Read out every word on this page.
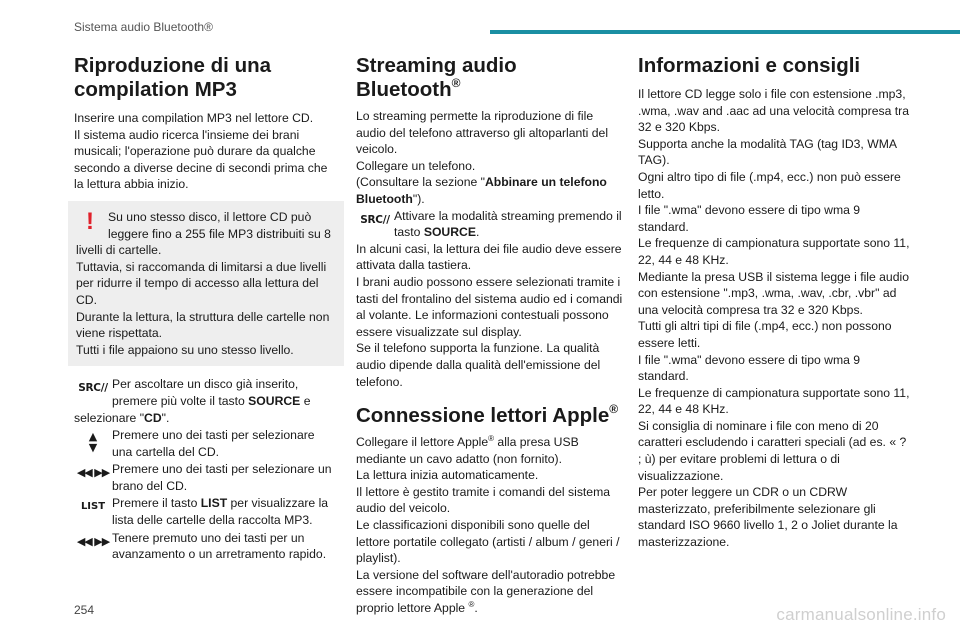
Sistema audio Bluetooth®
Riproduzione di una compilation MP3

Inserire una compilation MP3 nel lettore CD.

Il sistema audio ricerca l'insieme dei brani musicali; l'operazione può durare da qualche secondo a diverse decine di secondi prima che la lettura abbia inizio.

!	Su uno stesso disco, il lettore CD può leggere fino a 255 file MP3 distribuiti su 8 livelli di cartelle.

Tuttavia, si raccomanda di limitarsi a due livelli per ridurre il tempo di accesso alla lettura del CD.

Durante la lettura, la struttura delle cartelle non viene rispettata.

Tutti i file appaiono su uno stesso livello.

SRC// Per ascoltare un disco già inserito, premere più volte il tasto SOURCE e selezionare "CD".
▲
▼
Premere uno dei tasti per selezionare una cartella del CD.
◀◀ ▶▶ Premere uno dei tasti per selezionare un brano del CD.
LIST Premere il tasto LIST per visualizzare la lista delle cartelle della raccolta MP3.
◀◀ ▶▶ Tenere premuto uno dei tasti per un avanzamento o un arretramento rapido.
Streaming audio Bluetooth®

Lo streaming permette la riproduzione di file audio del telefono attraverso gli altoparlanti del veicolo.

Collegare un telefono.

(Consultare la sezione "Abbinare un telefono Bluetooth").

SRC// Attivare la modalità streaming premendo il tasto SOURCE.

In alcuni casi, la lettura dei file audio deve essere attivata dalla tastiera.

I brani audio possono essere selezionati tramite i tasti del frontalino del sistema audio ed i comandi al volante. Le informazioni contestuali possono essere visualizzate sul display.

Se il telefono supporta la funzione. La qualità audio dipende dalla qualità dell'emissione del telefono.

Connessione lettori Apple®

Collegare il lettore Apple® alla presa USB mediante un cavo adatto (non fornito).

La lettura inizia automaticamente.

Il lettore è gestito tramite i comandi del sistema audio del veicolo.

Le classificazioni disponibili sono quelle del lettore portatile collegato (artisti / album / generi / playlist).

La versione del software dell'autoradio potrebbe essere incompatibile con la generazione del proprio lettore Apple ®.

Informazioni e consigli

Il lettore CD legge solo i file con estensione .mp3, .wma, .wav and .aac ad una velocità compresa tra 32 e 320 Kbps.

Supporta anche la modalità TAG (tag ID3, WMA TAG).

Ogni altro tipo di file (.mp4, ecc.) non può essere letto.

I file ".wma" devono essere di tipo wma 9 standard.

Le frequenze di campionatura supportate sono 11, 22, 44 e 48 KHz.

Mediante la presa USB il sistema legge i file audio con estensione ".mp3, .wma, .wav, .cbr, .vbr" ad una velocità compresa tra 32 e 320 Kbps.

Tutti gli altri tipi di file (.mp4, ecc.) non possono essere letti.

I file ".wma" devono essere di tipo wma 9 standard.

Le frequenze di campionatura supportate sono 11, 22, 44 e 48 KHz.

Si consiglia di nominare i file con meno di 20 caratteri escludendo i caratteri speciali (ad es. « ? ; ù) per evitare problemi di lettura o di visualizzazione.

Per poter leggere un CDR o un CDRW masterizzato, preferibilmente selezionare gli standard ISO 9660 livello 1, 2 o Joliet durante la masterizzazione.

254	carmanualsonline.info
